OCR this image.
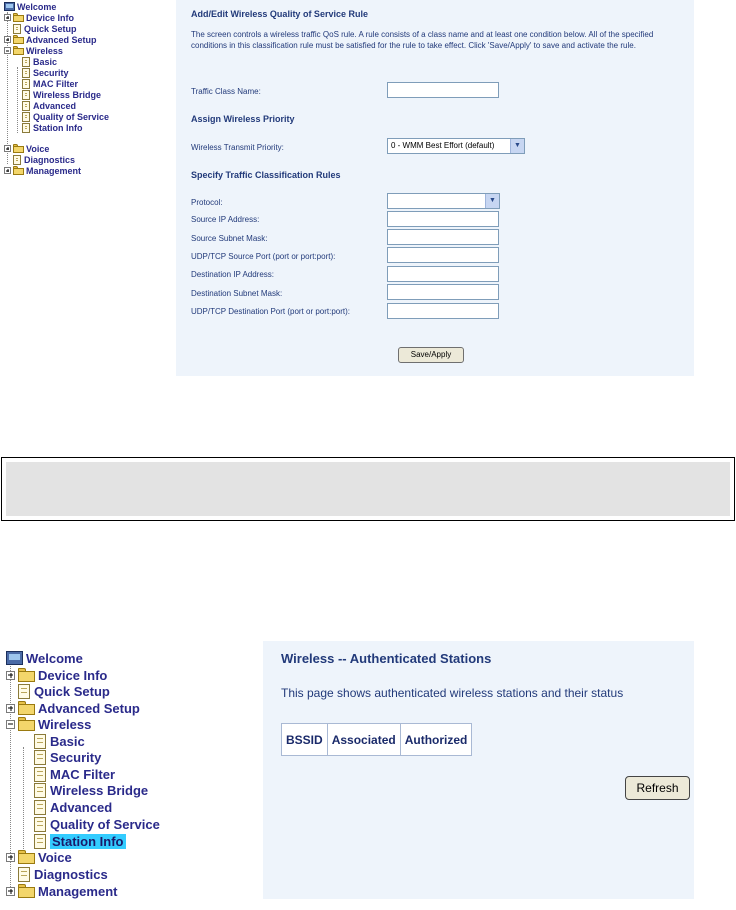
Welcome
Device Info
Quick Setup
Advanced Setup
Wireless
Basic
Security
MAC Filter
Wireless Bridge
Advanced
Quality of Service
Station Info
Voice
Diagnostics
Management
Add/Edit Wireless Quality of Service Rule
The screen controls a wireless traffic QoS rule. A rule consists of a class name and at least one condition below. All of the specified conditions in this classification rule must be satisfied for the rule to take effect. Click 'Save/Apply' to save and activate the rule.
Traffic Class Name:
Assign Wireless Priority
Wireless Transmit Priority:	0 - WMM Best Effort (default)	▼
Specify Traffic Classification Rules
Protocol:	▼
Source IP Address:
Source Subnet Mask:
UDP/TCP Source Port (port or port:port):
Destination IP Address:
Destination Subnet Mask:
UDP/TCP Destination Port (port or port:port):
Save/Apply
Welcome
Device Info
Quick Setup
Advanced Setup
Wireless
Basic
Security
MAC Filter
Wireless Bridge
Advanced
Quality of Service
Station Info
Voice
Diagnostics
Management
Wireless -- Authenticated Stations
This page shows authenticated wireless stations and their status
BSSID	Associated	Authorized
Refresh
